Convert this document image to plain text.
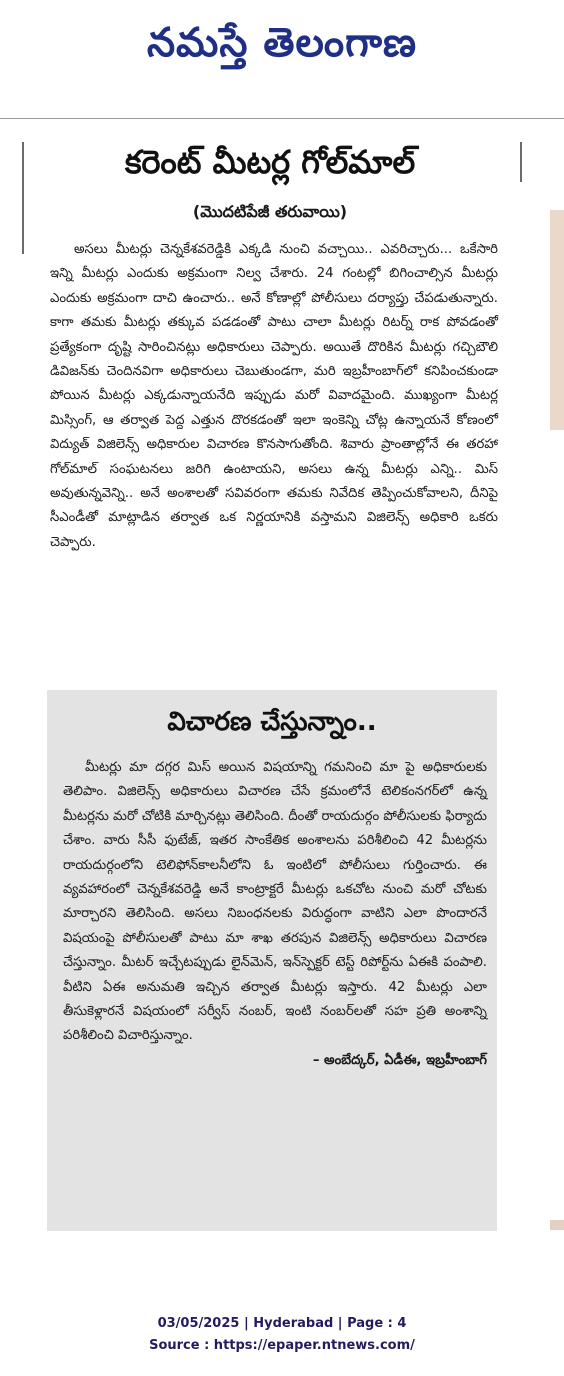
నమస్తే తెలంగాణ
కరెంట్ మీటర్ల గోల్‌మాల్
(మొదటిపేజీ తరువాయి)
అసలు మీటర్లు చెన్నకేశవరెడ్డికి ఎక్కడి నుంచి వచ్చాయి.. ఎవరిచ్చారు... ఒకేసారి ఇన్ని మీటర్లు ఎందుకు అక్రమంగా నిల్వ చేశారు. 24 గంటల్లో బిగించాల్సిన మీటర్లు ఎందుకు అక్రమంగా దాచి ఉంచారు.. అనే కోణాల్లో పోలీసులు దర్యాప్తు చేపడుతున్నారు. కాగా తమకు మీటర్లు తక్కువ పడడంతో పాటు చాలా మీటర్లు రిటర్న్ రాక పోవడంతో ప్రత్యేకంగా దృష్టి సారించినట్లు అధికారులు చెప్పారు. అయితే దొరికిన మీటర్లు గచ్చిబౌలి డివిజన్‌కు చెందినవిగా అధికారులు చెబుతుండగా, మరి ఇబ్రహీంబాగ్‌లో కనిపించకుండా పోయిన మీటర్లు ఎక్కడున్నాయనేది ఇప్పుడు మరో వివాదమైంది. ముఖ్యంగా మీటర్ల మిస్సింగ్, ఆ తర్వాత పెద్ద ఎత్తున దొరకడంతో ఇలా ఇంకెన్ని చోట్ల ఉన్నాయనే కోణంలో విద్యుత్ విజిలెన్స్ అధికారుల విచారణ కొనసాగుతోంది. శివారు ప్రాంతాల్లోనే ఈ తరహా గోల్‌మాల్ సంఘటనలు జరిగి ఉంటాయని, అసలు ఉన్న మీటర్లు ఎన్ని.. మిస్ అవుతున్నవెన్ని.. అనే అంశాలతో సవివరంగా తమకు నివేదిక తెప్పించుకోవాలని, దీనిపై సీఎండీతో మాట్లాడిన తర్వాత ఒక నిర్ణయానికి వస్తామని విజిలెన్స్ అధికారి ఒకరు చెప్పారు.
విచారణ చేస్తున్నాం..
మీటర్లు మా దగ్గర మిస్ అయిన విషయాన్ని గమనించి మా పై అధికారులకు తెలిపాం. విజిలెన్స్ అధికారులు విచారణ చేసే క్రమంలోనే టెలికంనగర్‌లో ఉన్న మీటర్లను మరో చోటికి మార్చినట్లు తెలిసింది. దీంతో రాయదుర్గం పోలీసులకు ఫిర్యాదు చేశాం. వారు సీసీ ఫుటేజ్, ఇతర సాంకేతిక అంశాలను పరిశీలించి 42 మీటర్లను రాయదుర్గంలోని టెలిఫోన్‌కాలనీలోని ఓ ఇంటిలో పోలీసులు గుర్తించారు. ఈ వ్యవహారంలో చెన్నకేశవరెడ్డి అనే కాంట్రాక్టరే మీటర్లు ఒకచోట నుంచి మరో చోటకు మార్చారని తెలిసింది. అసలు నిబంధనలకు విరుద్ధంగా వాటిని ఎలా పొందారనే విషయంపై పోలీసులతో పాటు మా శాఖ తరపున విజిలెన్స్ అధికారులు విచారణ చేస్తున్నాం. మీటర్ ఇచ్చేటప్పుడు లైన్‌మెన్, ఇన్‌స్పెక్టర్ టెస్ట్ రిపోర్ట్‌ను ఏఈకి పంపాలి. వీటిని ఏఈ అనుమతి ఇచ్చిన తర్వాత మీటర్లు ఇస్తారు. 42 మీటర్లు ఎలా తీసుకెళ్లారనే విషయంలో సర్వీస్ నంబర్, ఇంటి నంబర్‌లతో సహ ప్రతి అంశాన్ని పరిశీలించి విచారిస్తున్నాం.
– అంబేద్కర్, ఏడీఈ, ఇబ్రహీంబాగ్
03/05/2025 | Hyderabad | Page : 4
Source : https://epaper.ntnews.com/
